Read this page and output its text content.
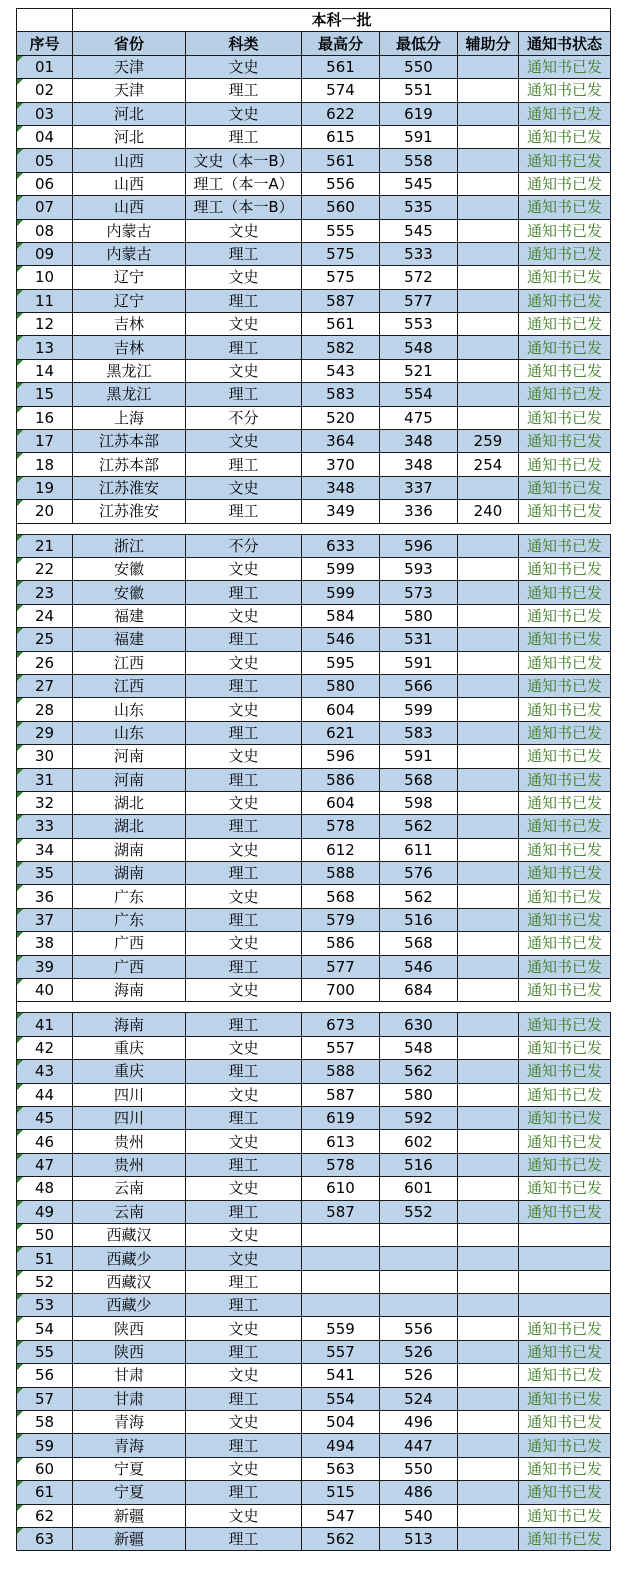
	本科一批					
序号	省份	科类	最高分	最低分	辅助分	通知书状态
01	天津	文史	561	550		通知书已发
02	天津	理工	574	551		通知书已发
03	河北	文史	622	619		通知书已发
04	河北	理工	615	591		通知书已发
05	山西	文史（本一B）	561	558		通知书已发
06	山西	理工（本一A）	556	545		通知书已发
07	山西	理工（本一B）	560	535		通知书已发
08	内蒙古	文史	555	545		通知书已发
09	内蒙古	理工	575	533		通知书已发
10	辽宁	文史	575	572		通知书已发
11	辽宁	理工	587	577		通知书已发
12	吉林	文史	561	553		通知书已发
13	吉林	理工	582	548		通知书已发
14	黑龙江	文史	543	521		通知书已发
15	黑龙江	理工	583	554		通知书已发
16	上海	不分	520	475		通知书已发
17	江苏本部	文史	364	348	259	通知书已发
18	江苏本部	理工	370	348	254	通知书已发
19	江苏淮安	文史	348	337		通知书已发
20	江苏淮安	理工	349	336	240	通知书已发

21	浙江	不分	633	596		通知书已发
22	安徽	文史	599	593		通知书已发
23	安徽	理工	599	573		通知书已发
24	福建	文史	584	580		通知书已发
25	福建	理工	546	531		通知书已发
26	江西	文史	595	591		通知书已发
27	江西	理工	580	566		通知书已发
28	山东	文史	604	599		通知书已发
29	山东	理工	621	583		通知书已发
30	河南	文史	596	591		通知书已发
31	河南	理工	586	568		通知书已发
32	湖北	文史	604	598		通知书已发
33	湖北	理工	578	562		通知书已发
34	湖南	文史	612	611		通知书已发
35	湖南	理工	588	576		通知书已发
36	广东	文史	568	562		通知书已发
37	广东	理工	579	516		通知书已发
38	广西	文史	586	568		通知书已发
39	广西	理工	577	546		通知书已发
40	海南	文史	700	684		通知书已发

41	海南	理工	673	630		通知书已发
42	重庆	文史	557	548		通知书已发
43	重庆	理工	588	562		通知书已发
44	四川	文史	587	580		通知书已发
45	四川	理工	619	592		通知书已发
46	贵州	文史	613	602		通知书已发
47	贵州	理工	578	516		通知书已发
48	云南	文史	610	601		通知书已发
49	云南	理工	587	552		通知书已发
50	西藏汉	文史				
51	西藏少	文史				
52	西藏汉	理工				
53	西藏少	理工				
54	陕西	文史	559	556		通知书已发
55	陕西	理工	557	526		通知书已发
56	甘肃	文史	541	526		通知书已发
57	甘肃	理工	554	524		通知书已发
58	青海	文史	504	496		通知书已发
59	青海	理工	494	447		通知书已发
60	宁夏	文史	563	550		通知书已发
61	宁夏	理工	515	486		通知书已发
62	新疆	文史	547	540		通知书已发
63	新疆	理工	562	513		通知书已发
